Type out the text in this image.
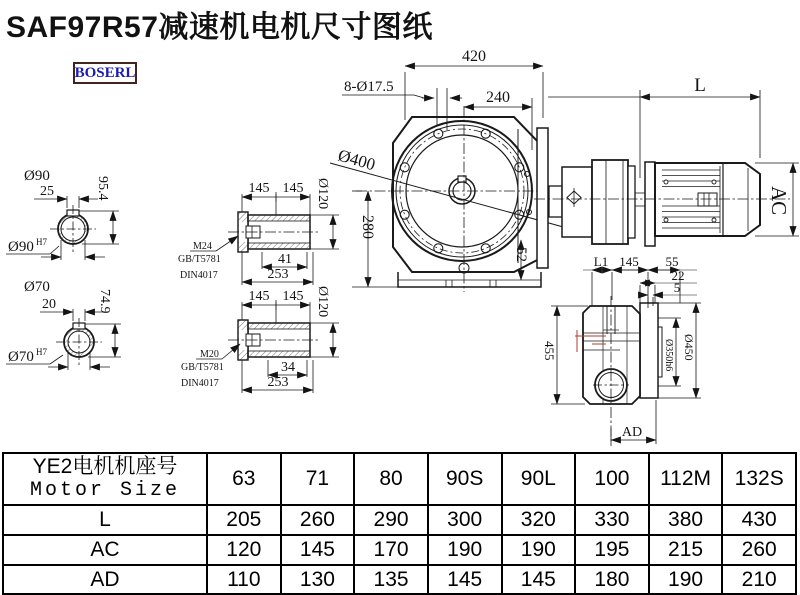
SAF97R57减速机电机尺寸图纸
BOSERL
420
240
8-Ø17.5
Ø400
280
52
L
AC
Ø90
25	95.4
Ø90 H7
Ø70
20	74.9
Ø70 H7
145 145 Ø120
41
253
M24
GB/T5781
DIN4017
145 145 Ø120
34
253
M20
GB/T5781
DIN4017
L1 145 55
22
5
455	Ø350h6 Ø450
AD
YE2电机机座号
Motor Size	63	71	80	90S	90L	100	112M	132S
L	205	260	290	300	320	330	380	430
AC	120	145	170	190	190	195	215	260
AD	110	130	135	145	145	180	190	210
